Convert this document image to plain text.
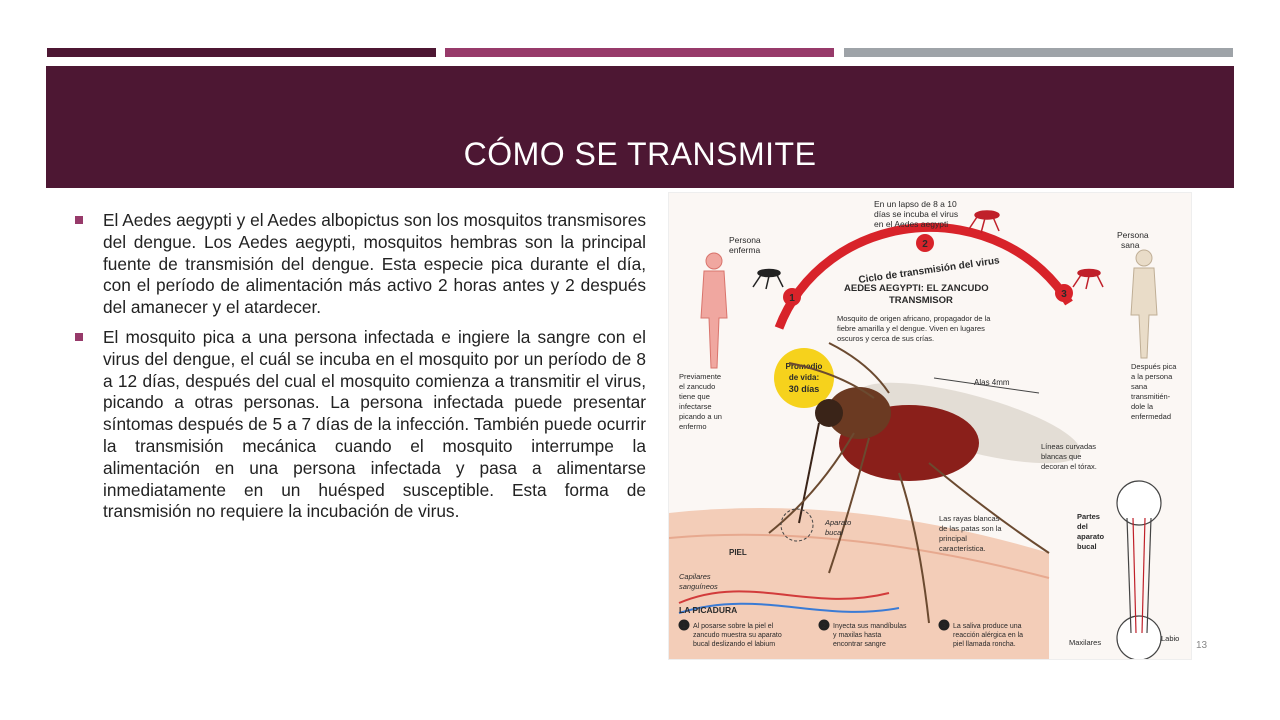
CÓMO SE TRANSMITE
El Aedes aegypti y el Aedes albopictus son los mosquitos transmisores del dengue. Los Aedes aegypti, mosquitos hembras son la principal fuente de transmisión del dengue. Esta especie pica durante el día, con el período de alimentación más activo 2 horas antes y 2 después del amanecer y el atardecer.
El mosquito pica a una persona infectada e ingiere la sangre con el virus del dengue, el cuál se incuba en el mosquito por un período de 8 a 12 días, después del cual el mosquito comienza a transmitir el virus, picando a otras personas. La persona infectada puede presentar síntomas después de 5 a 7 días de la infección. También puede ocurrir la transmisión mecánica cuando el mosquito interrumpe la alimentación en una persona infectada y pasa a alimentarse inmediatamente en un huésped susceptible. Esta forma de transmisión no requiere la incubación de virus.
Ciclo de transmisión del virus
1
2
3
En un lapso de 8 a 10
días se incuba el virus
en el Aedes aegypti
Persona
enferma
Persona
sana
AEDES AEGYPTI: EL ZANCUDO
TRANSMISOR
Mosquito de origen africano, propagador de la
fiebre amarilla y el dengue. Viven en lugares
oscuros y cerca de sus crías.
Promedio
de vida:
30 días
Alas 4mm
Previamente
el zancudo
tiene que
infectarse
picando a un
enfermo
Después pica
a la persona
sana
transmitién-
dole la
enfermedad
Líneas curvadas
blancas que
decoran el tórax.
Las rayas blancas
de las patas son la
principal
característica.
Aparato
bucal
PIEL
Capilares
sanguíneos
Partes
del
aparato
bucal
LA PICADURA
1 Al posarse sobre la piel el
zancudo muestra su aparato
bucal deslizando el labium
2 Inyecta sus mandíbulas
y maxilas hasta
encontrar sangre
3 La saliva produce una
reacción alérgica en la
piel llamada roncha.	Maxilares	Labio
13
